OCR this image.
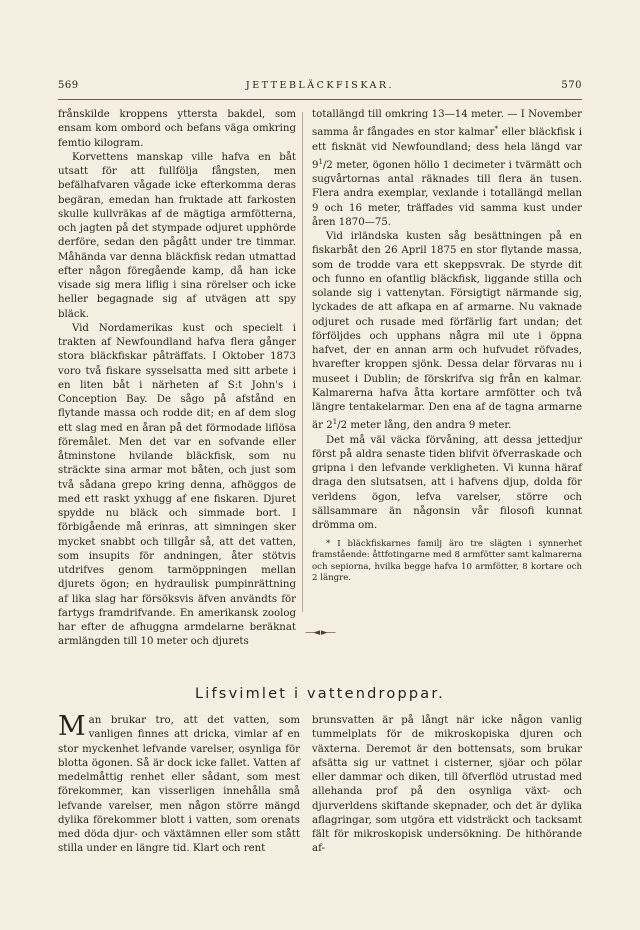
569	JETTEBLÄCKFISKAR.	570

frånskilde kroppens yttersta bakdel, som ensam kom ombord och befans väga omkring femtio kilogram.

Korvettens manskap ville hafva en båt utsatt för att fullfölja fångsten, men befälhafvaren vågade icke efterkomma deras begäran, emedan han fruktade att farkosten skulle kullvräkas af de mägtiga armfötterna, och jagten på det stympade odjuret upphörde derföre, sedan den pågått under tre timmar. Måhända var denna bläckfisk redan utmattad efter någon föregående kamp, då han icke visade sig mera liflig i sina rörelser och icke heller begagnade sig af utvägen att spy bläck.

Vid Nordamerikas kust och specielt i trakten af Newfoundland hafva flera gånger stora bläckfiskar påträffats. I Oktober 1873 voro två fiskare sysselsatta med sitt arbete i en liten båt i närheten af S:t John's i Conception Bay. De sågo på afstånd en flytande massa och rodde dit; en af dem slog ett slag med en åran på det förmodade liflösa föremålet. Men det var en sofvande eller åtminstone hvilande bläckfisk, som nu sträckte sina armar mot båten, och just som två sådana grepo kring denna, afhöggos de med ett raskt yxhugg af ene fiskaren. Djuret spydde nu bläck och simmade bort. I förbigående må erinras, att simningen sker mycket snabbt och tillgår så, att det vatten, som insupits för andningen, åter stötvis utdrifves genom tarmöppningen mellan djurets ögon; en hydraulisk pumpinrättning af lika slag har försöksvis äfven användts för fartygs framdrifvande. En amerikansk zoolog har efter de afhuggna armdelarne beräknat armlängden till 10 meter och djurets

totallängd till omkring 13—14 meter. — I November samma år fångades en stor kalmar* eller bläckfisk i ett fisknät vid Newfoundland; dess hela längd var $9^1/2$ meter, ögonen höllo 1 decimeter i tvärmätt och sugvårtornas antal räknades till flera än tusen. Flera andra exemplar, vexlande i totallängd mellan 9 och 16 meter, träffades vid samma kust under åren 1870—75.

Vid irländska kusten såg besättningen på en fiskarbåt den 26 April 1875 en stor flytande massa, som de trodde vara ett skeppsvrak. De styrde dit och funno en ofantlig bläckfisk, liggande stilla och solande sig i vattenytan. Försigtigt närmande sig, lyckades de att afkapa en af armarne. Nu vaknade odjuret och rusade med förfärlig fart undan; det förföljdes och upphans några mil ute i öppna hafvet, der en annan arm och hufvudet röfvades, hvarefter kroppen sjönk. Dessa delar förvaras nu i museet i Dublin; de förskrifva sig från en kalmar. Kalmarerna hafva åtta kortare armfötter och två längre tentakelarmar. Den ena af de tagna armarne är $2^1/2$ meter lång, den andra 9 meter.

Det må väl väcka förvåning, att dessa jettedjur först på aldra senaste tiden blifvit öfverraskade och gripna i den lefvande verkligheten. Vi kunna häraf draga den slutsatsen, att i hafvens djup, dolda för verldens ögon, lefva varelser, större och sällsammare än någonsin vår filosofi kunnat drömma om.

* I bläckfiskarnes familj äro tre slägten i synnerhet framstående: åttfotingarne med 8 armfötter samt kalmarerna och sepiorna, hvilka begge hafva 10 armfötter, 8 kortare och 2 längre.

—◄ ►—
Lifsvimlet i vattendroppar.

Man brukar tro, att det vatten, som vanligen finnes att dricka, vimlar af en stor myckenhet lefvande varelser, osynliga för blotta ögonen. Så är dock icke fallet. Vatten af medelmåttig renhet eller sådant, som mest förekommer, kan visserligen innehålla små lefvande varelser, men någon större mängd dylika förekommer blott i vatten, som orenats med döda djur- och växtämnen eller som stått stilla under en längre tid. Klart och rent

brunsvatten är på långt när icke någon vanlig tummelplats för de mikroskopiska djuren och växterna. Deremot är den bottensats, som brukar afsätta sig ur vattnet i cisterner, sjöar och pölar eller dammar och diken, till öfverflöd utrustad med allehanda prof på den osynliga växt- och djurverldens skiftande skepnader, och det är dylika aflagringar, som utgöra ett vidsträckt och tacksamt fält för mikroskopisk undersökning. De hithörande af-
